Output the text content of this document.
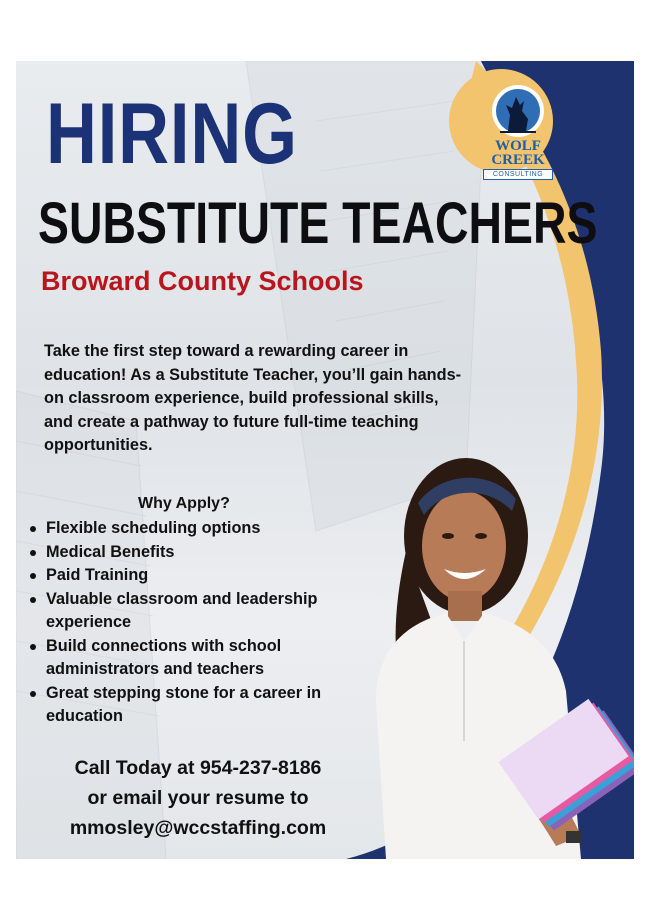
HIRING
SUBSTITUTE TEACHERS
Broward County Schools

Take the first step toward a rewarding career in education! As a Substitute Teacher, you’ll gain hands-on classroom experience, build professional skills, and create a pathway to future full-time teaching opportunities.

Why Apply?
Flexible scheduling options
Medical Benefits
Paid Training
Valuable classroom and leadership experience
Build connections with school administrators and teachers
Great stepping stone for a career in education
Call Today at 954-237-8186
or email your resume to
mmosley@wccstaffing.com
WOLF
CREEK
CONSULTING
